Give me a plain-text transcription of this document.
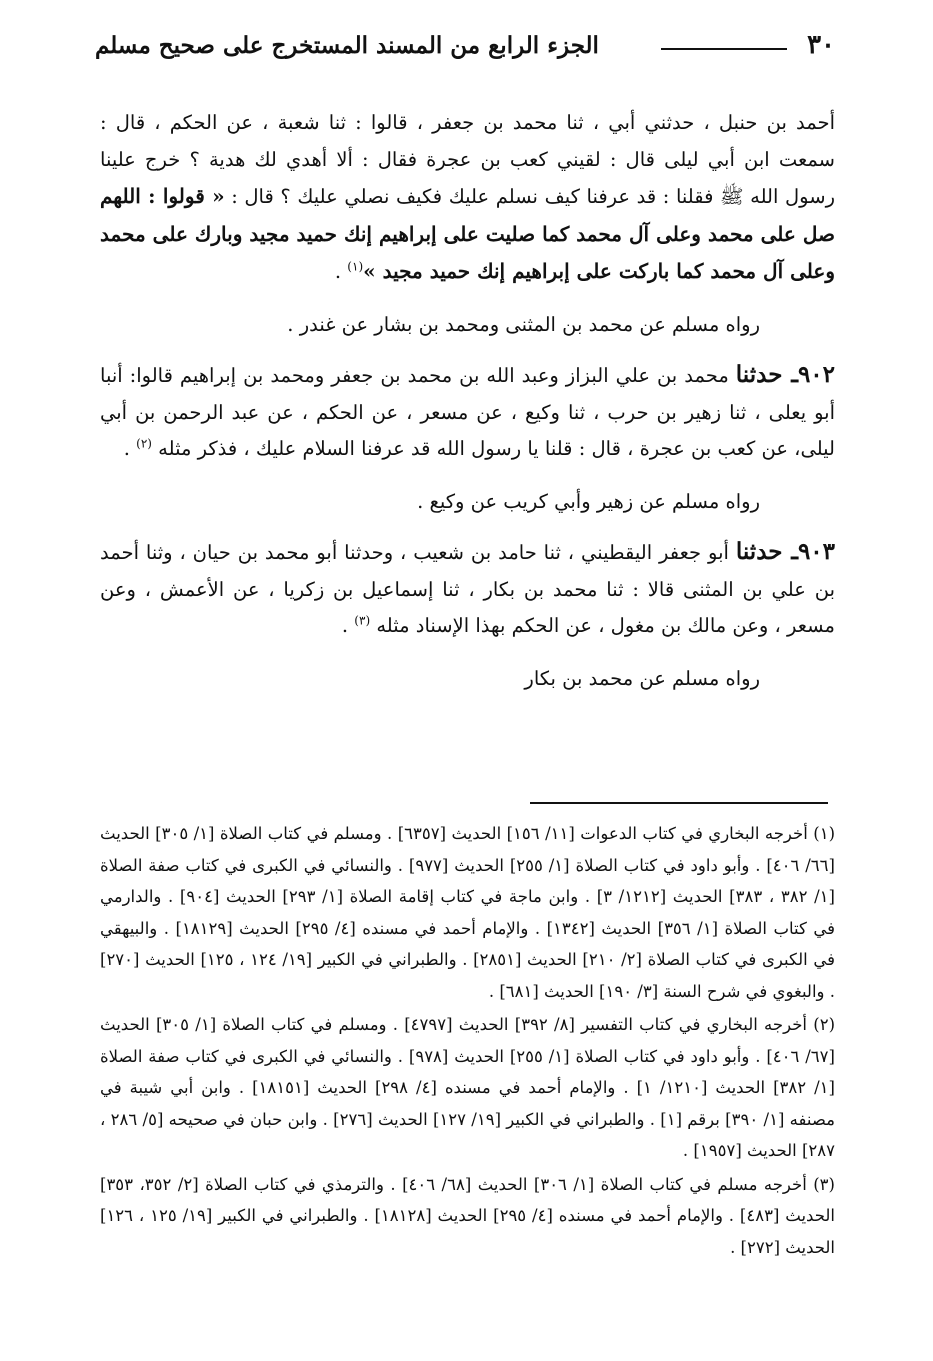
٣٠
الجزء الرابع من المسند المستخرج على صحيح مسلم

أحمد بن حنبل ، حدثني أبي ، ثنا محمد بن جعفر ، قالوا : ثنا شعبة ، عن الحكم ، قال : سمعت ابن أبي ليلى قال : لقيني كعب بن عجرة فقال : ألا أهدي لك هدية ؟ خرج علينا رسول الله ﷺ فقلنا : قد عرفنا كيف نسلم عليك فكيف نصلي عليك ؟ قال : « قولوا : اللهم صل على محمد وعلى آل محمد كما صليت على إبراهيم إنك حميد مجيد وبارك على محمد وعلى آل محمد كما باركت على إبراهيم إنك حميد مجيد »$^{(١)}$ .

رواه مسلم عن محمد بن المثنى ومحمد بن بشار عن غندر .

٩٠٢ـ حدثنا محمد بن علي البزاز وعبد الله بن محمد بن جعفر ومحمد بن إبراهيم قالوا: أنبا أبو يعلى ، ثنا زهير بن حرب ، ثنا وكيع ، عن مسعر ، عن الحكم ، عن عبد الرحمن بن أبي ليلى، عن كعب بن عجرة ، قال : قلنا يا رسول الله قد عرفنا السلام عليك ، فذكر مثله $^{(٢)}$ .

رواه مسلم عن زهير وأبي كريب عن وكيع .

٩٠٣ـ حدثنا أبو جعفر اليقطيني ، ثنا حامد بن شعيب ، وحدثنا أبو محمد بن حيان ، وثنا أحمد بن علي بن المثنى قالا : ثنا محمد بن بكار ، ثنا إسماعيل بن زكريا ، عن الأعمش ، وعن مسعر ، وعن مالك بن مغول ، عن الحكم بهذا الإسناد مثله $^{(٣)}$ .

رواه مسلم عن محمد بن بكار

(١) أخرجه البخاري في كتاب الدعوات [١١/ ١٥٦] الحديث [٦٣٥٧] . ومسلم في كتاب الصلاة [١/ ٣٠٥] الحديث [٦٦/ ٤٠٦] . وأبو داود في كتاب الصلاة [١/ ٢٥٥] الحديث [٩٧٧] . والنسائي في الكبرى في كتاب صفة الصلاة [١/ ٣٨٢ ، ٣٨٣] الحديث [١٢١٢/ ٣] . وابن ماجة في كتاب إقامة الصلاة [١/ ٢٩٣] الحديث [٩٠٤] . والدارمي في كتاب الصلاة [١/ ٣٥٦] الحديث [١٣٤٢] . والإمام أحمد في مسنده [٤/ ٢٩٥] الحديث [١٨١٢٩] . والبيهقي في الكبرى في كتاب الصلاة [٢/ ٢١٠] الحديث [٢٨٥١] . والطبراني في الكبير [١٩/ ١٢٤ ، ١٢٥] الحديث [٢٧٠] . والبغوي في شرح السنة [٣/ ١٩٠] الحديث [٦٨١] .

(٢) أخرجه البخاري في كتاب التفسير [٨/ ٣٩٢] الحديث [٤٧٩٧] . ومسلم في كتاب الصلاة [١/ ٣٠٥] الحديث [٦٧/ ٤٠٦] . وأبو داود في كتاب الصلاة [١/ ٢٥٥] الحديث [٩٧٨] . والنسائي في الكبرى في كتاب صفة الصلاة [١/ ٣٨٢] الحديث [١٢١٠/ ١] . والإمام أحمد في مسنده [٤/ ٢٩٨] الحديث [١٨١٥١] . وابن أبي شيبة في مصنفه [١/ ٣٩٠] برقم [١] . والطبراني في الكبير [١٩/ ١٢٧] الحديث [٢٧٦] . وابن حبان في صحيحه [٥/ ٢٨٦ ، ٢٨٧] الحديث [١٩٥٧] .

(٣) أخرجه مسلم في كتاب الصلاة [١/ ٣٠٦] الحديث [٦٨/ ٤٠٦] . والترمذي في كتاب الصلاة [٢/ ٣٥٢، ٣٥٣] الحديث [٤٨٣] . والإمام أحمد في مسنده [٤/ ٢٩٥] الحديث [١٨١٢٨] . والطبراني في الكبير [١٩/ ١٢٥ ، ١٢٦] الحديث [٢٧٢] .
